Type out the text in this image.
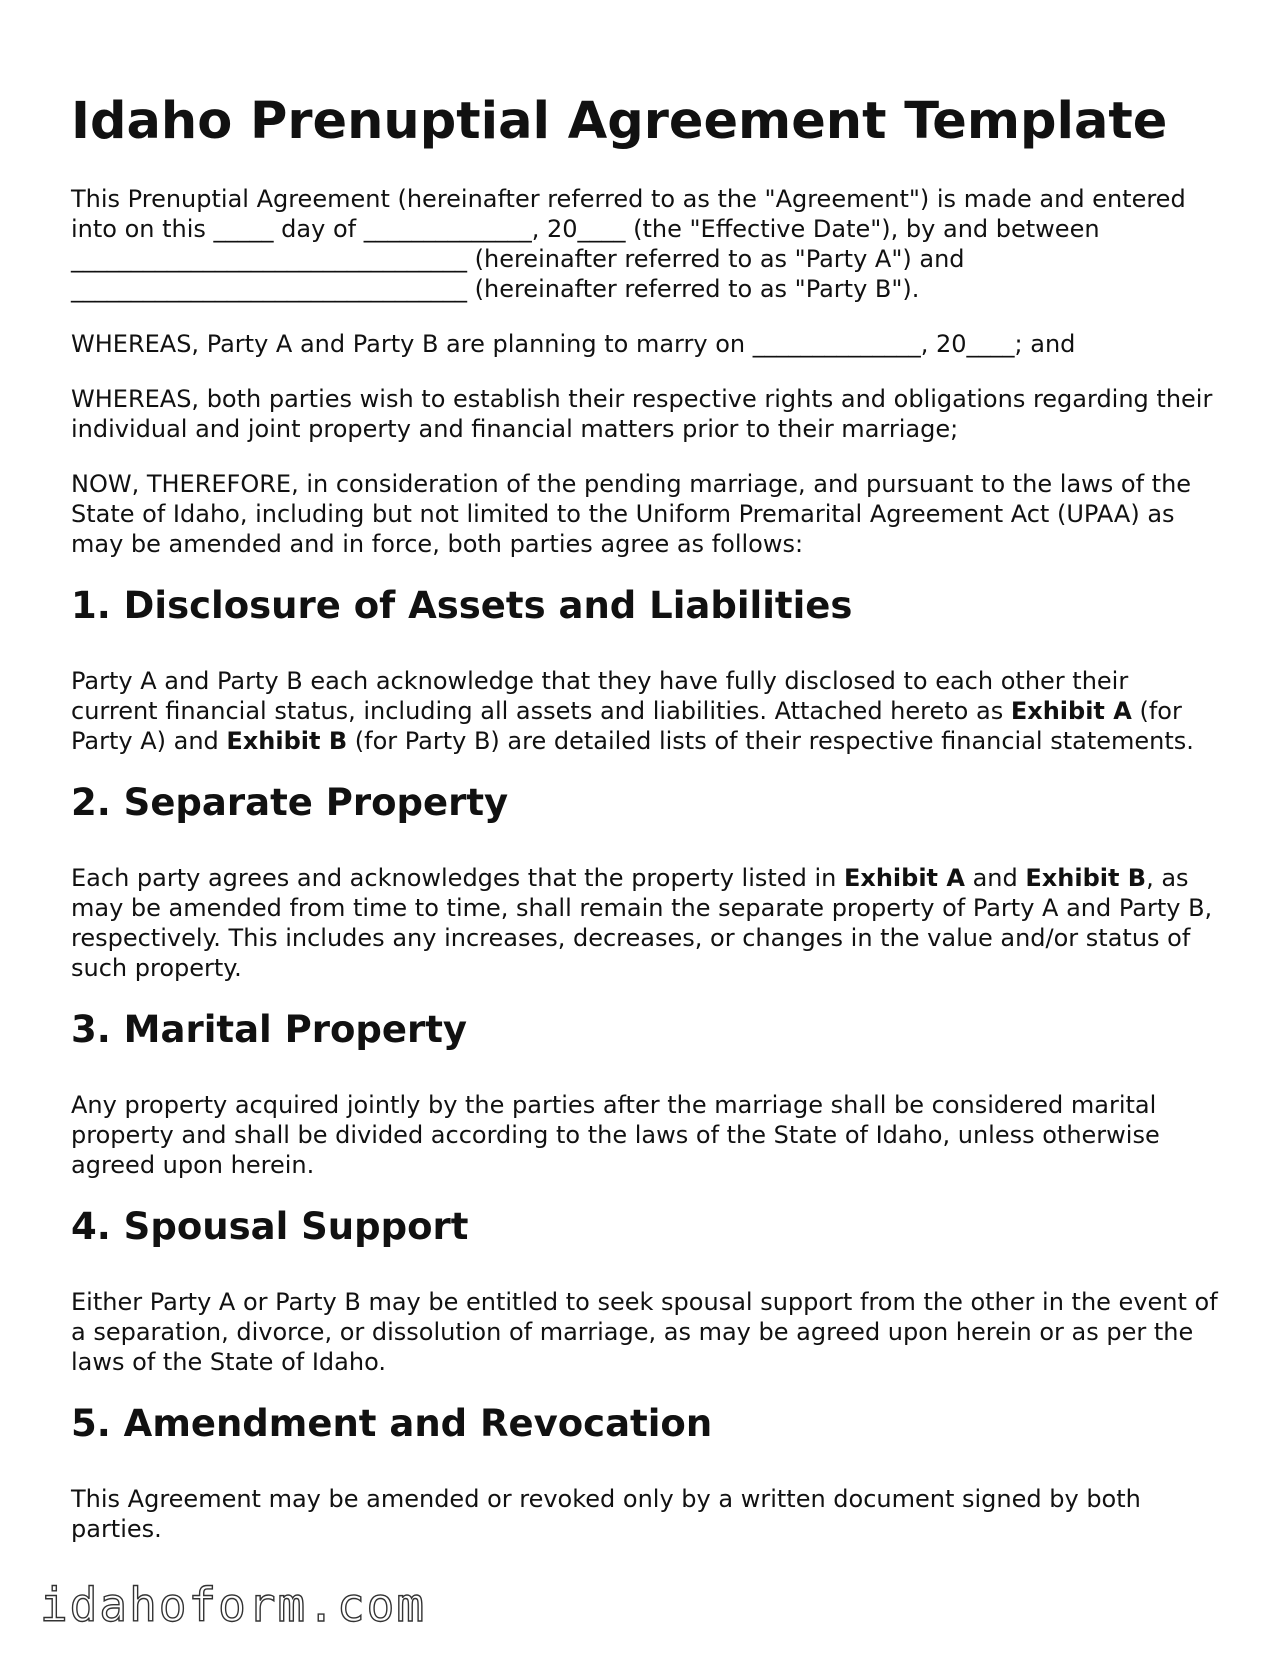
Idaho Prenuptial Agreement Template

This Prenuptial Agreement (hereinafter referred to as the "Agreement") is made and entered into on this _____ day of ______________, 20____ (the "Effective Date"), by and between _________________________________ (hereinafter referred to as "Party A") and _________________________________ (hereinafter referred to as "Party B").

WHEREAS, Party A and Party B are planning to marry on ______________, 20____; and

WHEREAS, both parties wish to establish their respective rights and obligations regarding their individual and joint property and financial matters prior to their marriage;

NOW, THEREFORE, in consideration of the pending marriage, and pursuant to the laws of the State of Idaho, including but not limited to the Uniform Premarital Agreement Act (UPAA) as may be amended and in force, both parties agree as follows:

1. Disclosure of Assets and Liabilities

Party A and Party B each acknowledge that they have fully disclosed to each other their current financial status, including all assets and liabilities. Attached hereto as Exhibit A (for Party A) and Exhibit B (for Party B) are detailed lists of their respective financial statements.

2. Separate Property

Each party agrees and acknowledges that the property listed in Exhibit A and Exhibit B, as may be amended from time to time, shall remain the separate property of Party A and Party B, respectively. This includes any increases, decreases, or changes in the value and/or status of such property.

3. Marital Property

Any property acquired jointly by the parties after the marriage shall be considered marital property and shall be divided according to the laws of the State of Idaho, unless otherwise agreed upon herein.

4. Spousal Support

Either Party A or Party B may be entitled to seek spousal support from the other in the event of a separation, divorce, or dissolution of marriage, as may be agreed upon herein or as per the laws of the State of Idaho.

5. Amendment and Revocation

This Agreement may be amended or revoked only by a written document signed by both parties.

idahoform.com
